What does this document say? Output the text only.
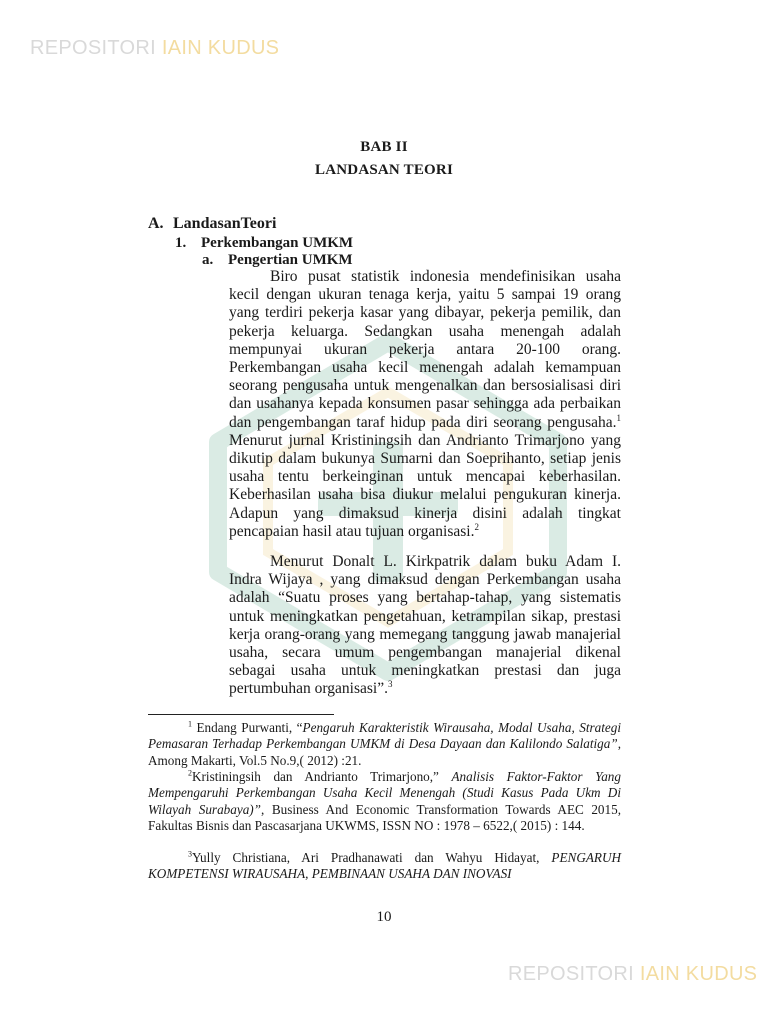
REPOSITORI IAIN KUDUS
BAB II
LANDASAN TEORI
A. LandasanTeori
1. Perkembangan UMKM
a. Pengertian UMKM

Biro pusat statistik indonesia mendefinisikan usaha kecil dengan ukuran tenaga kerja, yaitu 5 sampai 19 orang yang terdiri pekerja kasar yang dibayar, pekerja pemilik, dan pekerja keluarga. Sedangkan usaha menengah adalah mempunyai ukuran pekerja antara 20-100 orang. Perkembangan usaha kecil menengah adalah kemampuan seorang pengusaha untuk mengenalkan dan bersosialisasi diri dan usahanya kepada konsumen pasar sehingga ada perbaikan dan pengembangan taraf hidup pada diri seorang pengusaha.$^1$ Menurut jurnal Kristiningsih dan Andrianto Trimarjono yang dikutip dalam bukunya Sumarni dan Soeprihanto, setiap jenis usaha tentu berkeinginan untuk mencapai keberhasilan. Keberhasilan usaha bisa diukur melalui pengukuran kinerja. Adapun yang dimaksud kinerja disini adalah tingkat pencapaian hasil atau tujuan organisasi.$^2$

Menurut Donalt L. Kirkpatrik dalam buku Adam I. Indra Wijaya , yang dimaksud dengan Perkembangan usaha adalah “Suatu proses yang bertahap-tahap, yang sistematis untuk meningkatkan pengetahuan, ketrampilan sikap, prestasi kerja orang-orang yang memegang tanggung jawab manajerial usaha, secara umum pengembangan manajerial dikenal sebagai usaha untuk meningkatkan prestasi dan juga pertumbuhan organisasi”.$^3$

$^1$ Endang Purwanti, “Pengaruh Karakteristik Wirausaha, Modal Usaha, Strategi Pemasaran Terhadap Perkembangan UMKM di Desa Dayaan dan Kalilondo Salatiga”, Among Makarti, Vol.5 No.9,( 2012) :21.

$^2$Kristiningsih dan Andrianto Trimarjono,” Analisis Faktor-Faktor Yang Mempengaruhi Perkembangan Usaha Kecil Menengah (Studi Kasus Pada Ukm Di Wilayah Surabaya)”, Business And Economic Transformation Towards AEC 2015, Fakultas Bisnis dan Pascasarjana UKWMS, ISSN NO : 1978 – 6522,( 2015) : 144.

$^3$Yully Christiana, Ari Pradhanawati dan Wahyu Hidayat, PENGARUH KOMPETENSI WIRAUSAHA, PEMBINAAN USAHA DAN INOVASI

10
REPOSITORI IAIN KUDUS
